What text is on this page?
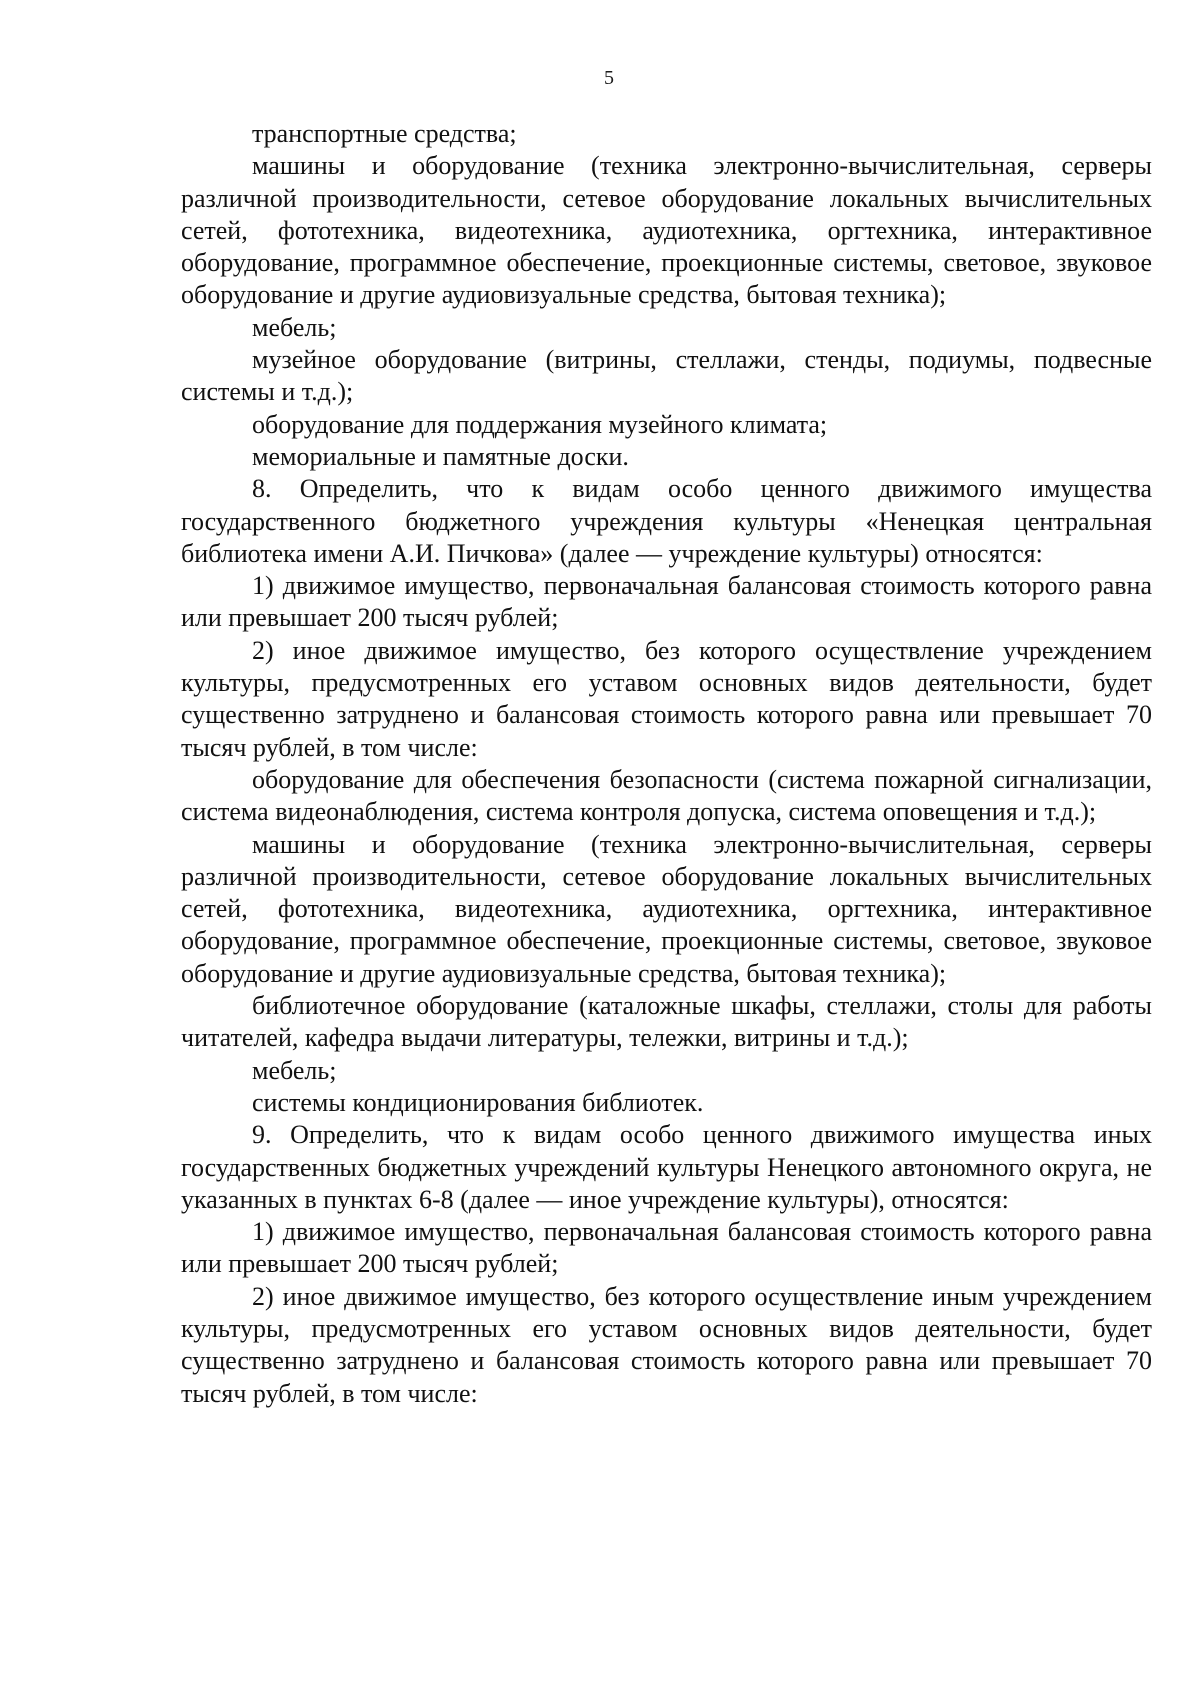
5

транспортные средства;

машины и оборудование (техника электронно-вычислительная, серверы различной производительности, сетевое оборудование локальных вычислительных сетей, фототехника, видеотехника, аудиотехника, оргтехника, интерактивное оборудование, программное обеспечение, проекционные системы, световое, звуковое оборудование и другие аудиовизуальные средства, бытовая техника);

мебель;

музейное оборудование (витрины, стеллажи, стенды, подиумы, подвесные системы и т.д.);

оборудование для поддержания музейного климата;

мемориальные и памятные доски.

8. Определить, что к видам особо ценного движимого имущества государственного бюджетного учреждения культуры «Ненецкая центральная библиотека имени А.И. Пичкова» (далее — учреждение культуры) относятся:

1) движимое имущество, первоначальная балансовая стоимость которого равна или превышает 200 тысяч рублей;

2) иное движимое имущество, без которого осуществление учреждением культуры, предусмотренных его уставом основных видов деятельности, будет существенно затруднено и балансовая стоимость которого равна или превышает 70 тысяч рублей, в том числе:

оборудование для обеспечения безопасности (система пожарной сигнализации, система видеонаблюдения, система контроля допуска, система оповещения и т.д.);

машины и оборудование (техника электронно-вычислительная, серверы различной производительности, сетевое оборудование локальных вычислительных сетей, фототехника, видеотехника, аудиотехника, оргтехника, интерактивное оборудование, программное обеспечение, проекционные системы, световое, звуковое оборудование и другие аудиовизуальные средства, бытовая техника);

библиотечное оборудование (каталожные шкафы, стеллажи, столы для работы читателей, кафедра выдачи литературы, тележки, витрины и т.д.);

мебель;

системы кондиционирования библиотек.

9. Определить, что к видам особо ценного движимого имущества иных государственных бюджетных учреждений культуры Ненецкого автономного округа, не указанных в пунктах 6-8 (далее — иное учреждение культуры), относятся:

1) движимое имущество, первоначальная балансовая стоимость которого равна или превышает 200 тысяч рублей;

2) иное движимое имущество, без которого осуществление иным учреждением культуры, предусмотренных его уставом основных видов деятельности, будет существенно затруднено и балансовая стоимость которого равна или превышает 70 тысяч рублей, в том числе:
